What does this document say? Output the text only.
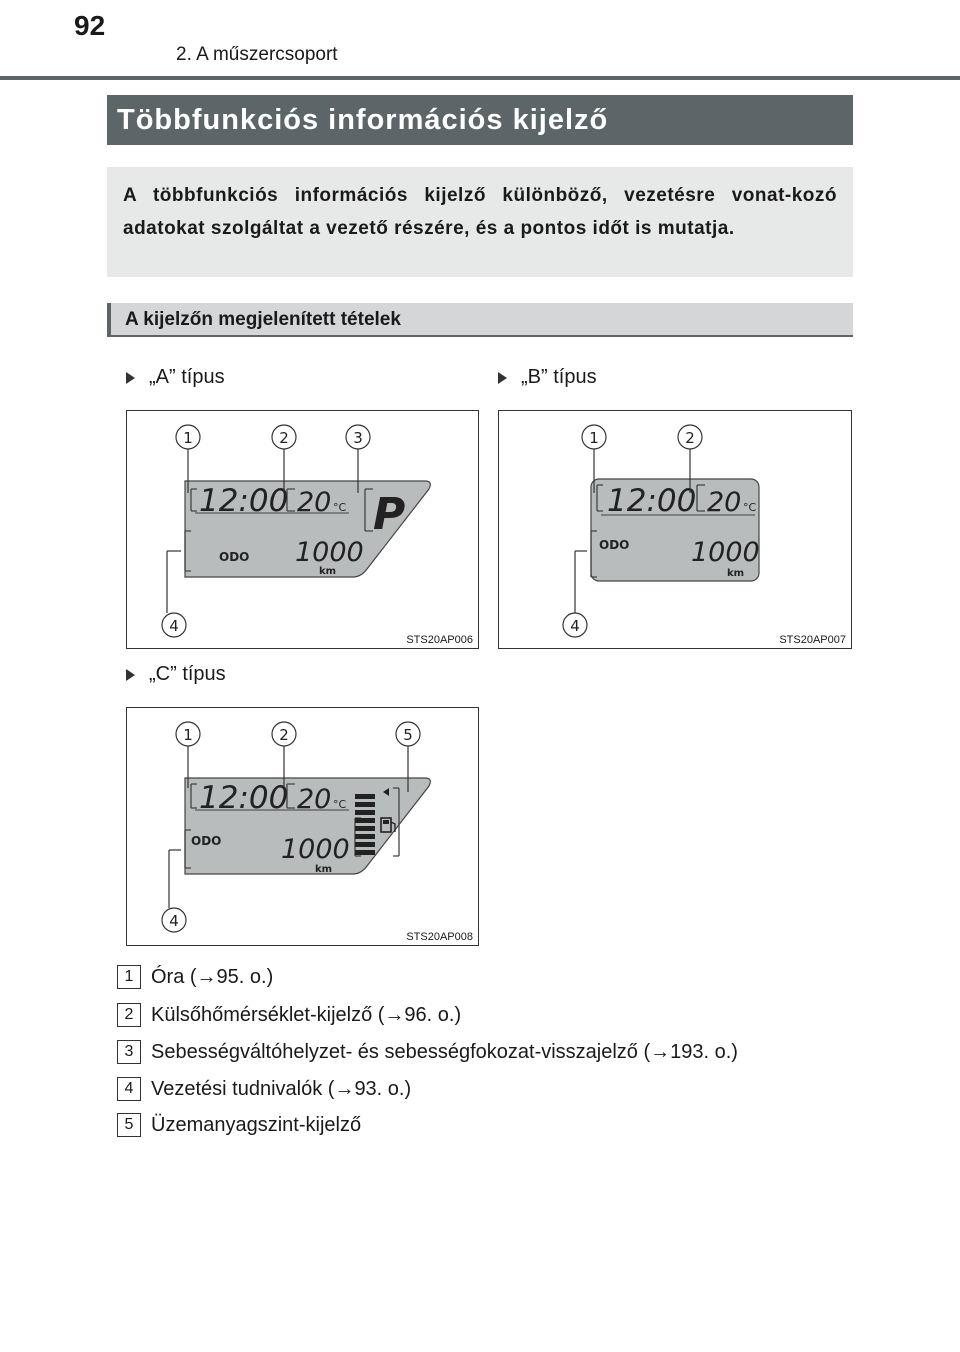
92
2. A műszercsoport
Többfunkciós információs kijelző

A többfunkciós információs kijelző különböző, vezetésre vonat-kozó adatokat szolgáltat a vezető részére, és a pontos időt is mutatja.

A kijelzőn megjelenített tételek
„A” típus	„B” típus
„C” típus
12:00 20 °C P
ODO 1000
km
1	2	3
4
STS20AP006
12:00 20 °C
ODO 1000
km
1	2
4
STS20AP007
12:00 20 °C
ODO 1000
km
1	2	5
4
STS20AP008
1 Óra (→95. o.)
2 Külsőhőmérséklet-kijelző (→96. o.)
3 Sebességváltóhelyzet- és sebességfokozat-visszajelző (→193. o.)
4 Vezetési tudnivalók (→93. o.)
5 Üzemanyagszint-kijelző
